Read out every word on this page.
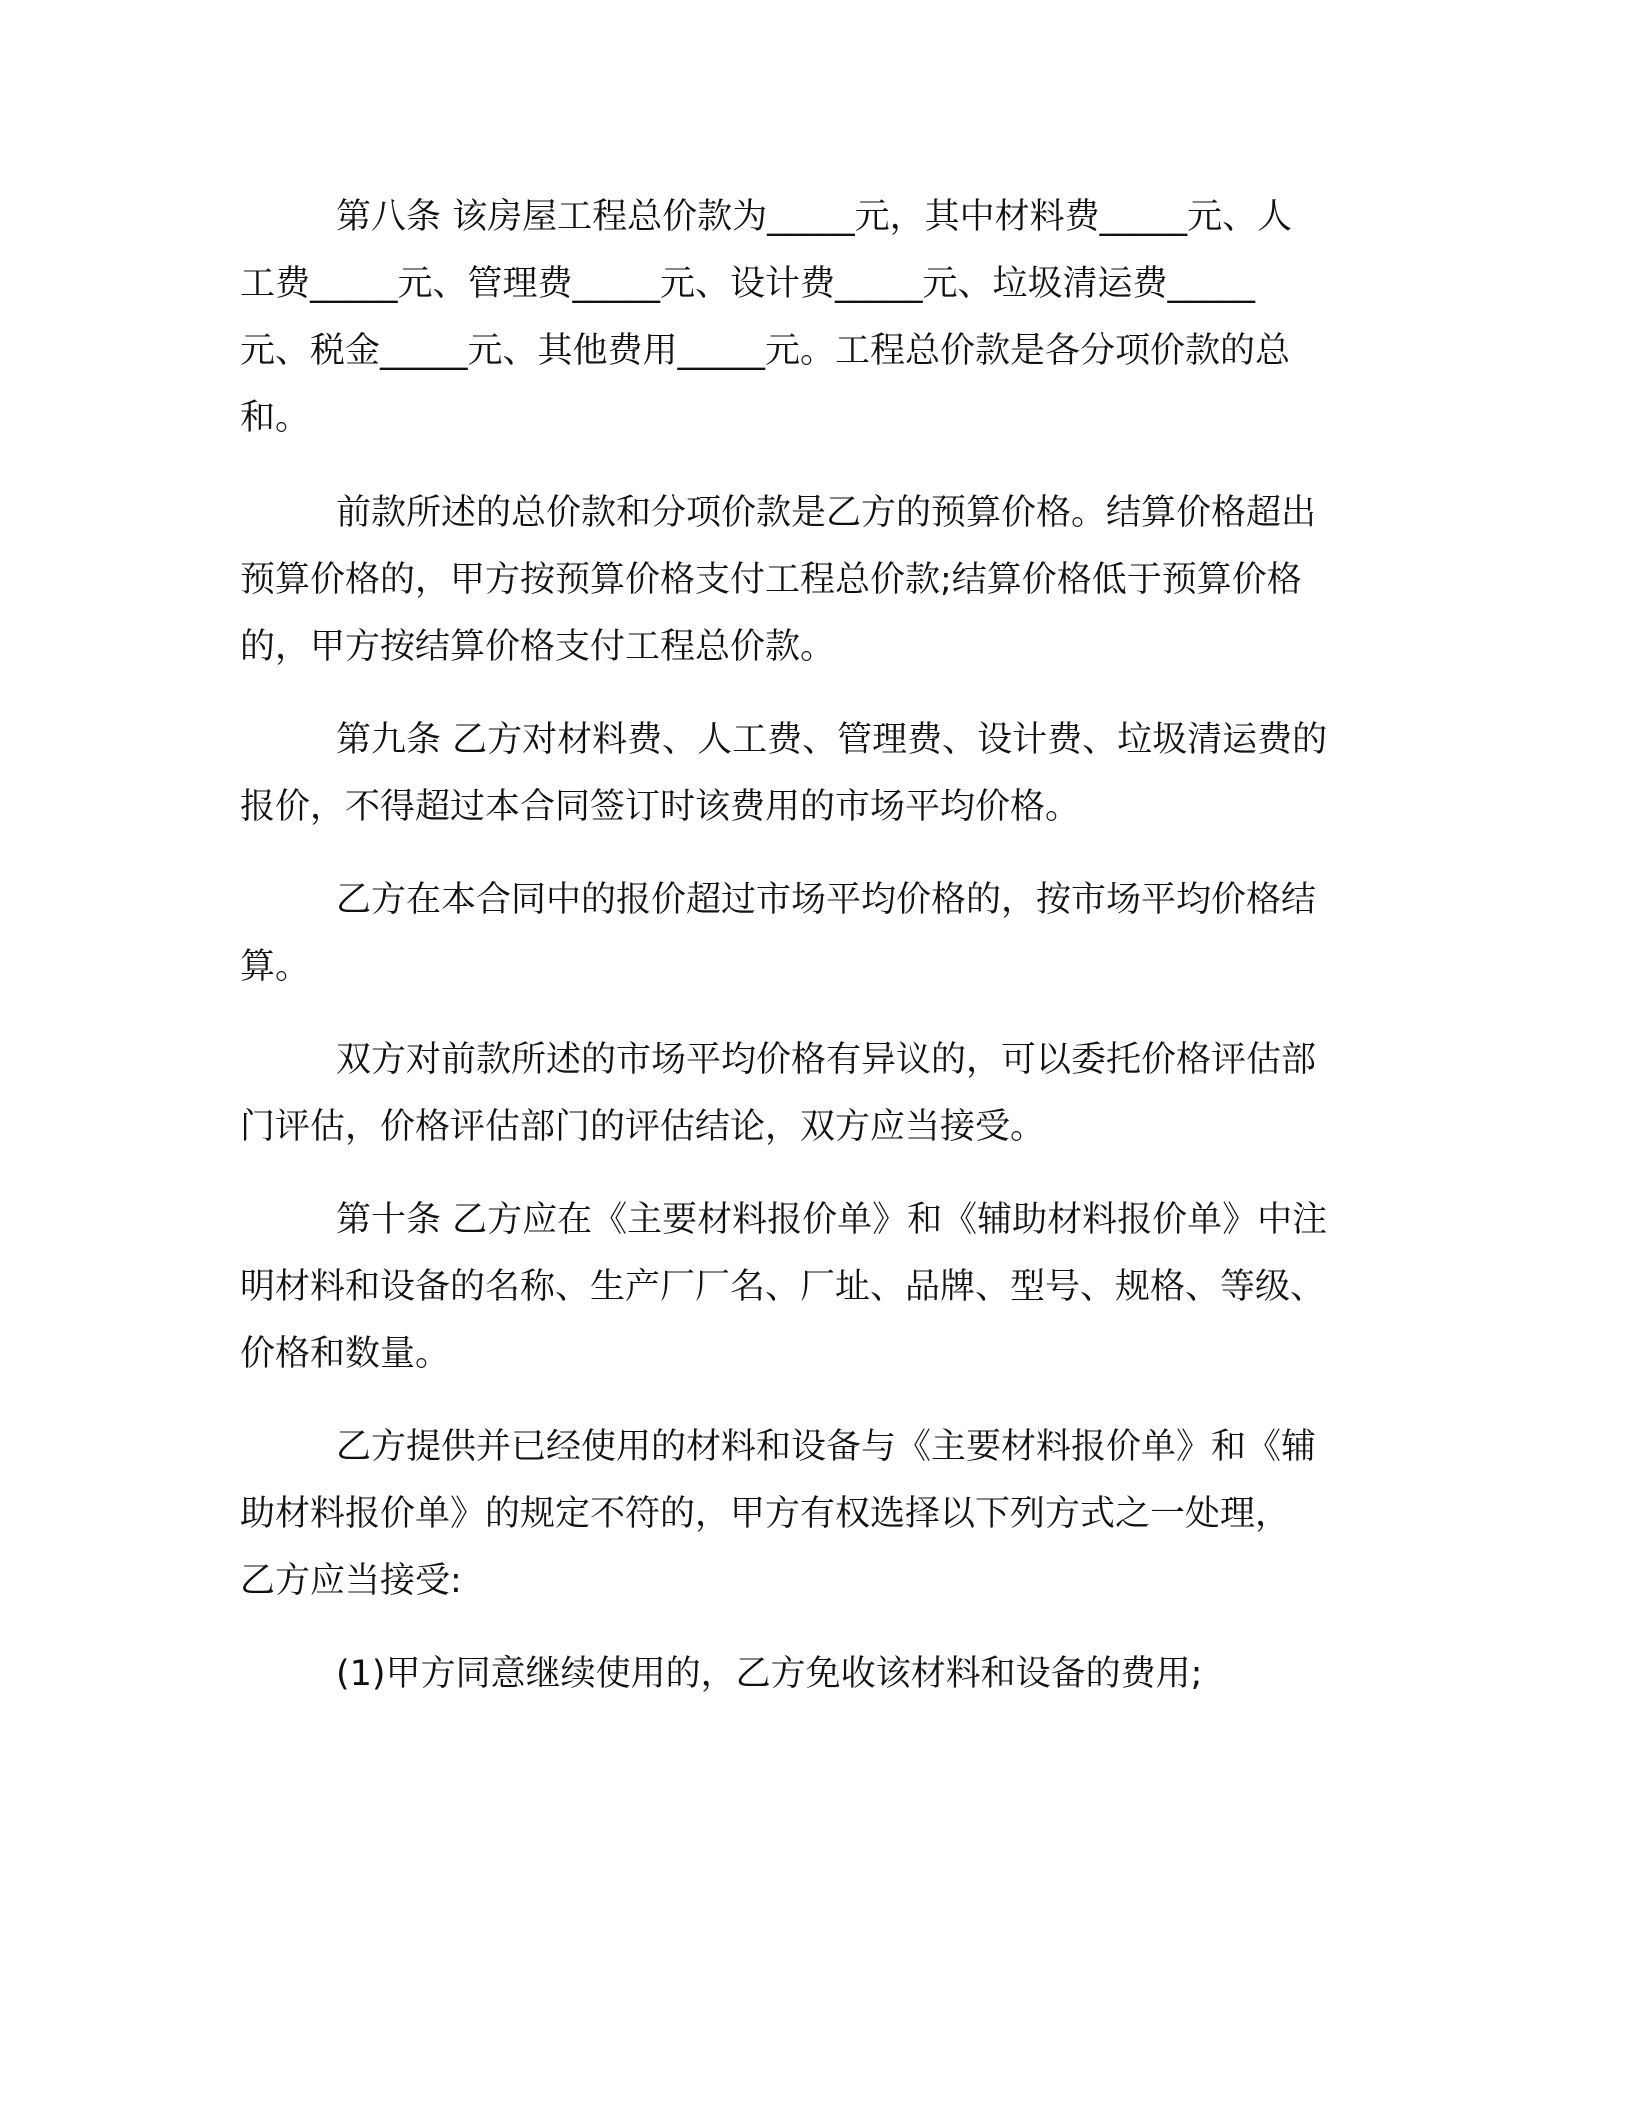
第八条 该房屋工程总价款为_____元，其中材料费_____元、人
工费_____元、管理费_____元、设计费_____元、垃圾清运费_____
元、税金_____元、其他费用_____元。工程总价款是各分项价款的总
和。
前款所述的总价款和分项价款是乙方的预算价格。结算价格超出
预算价格的，甲方按预算价格支付工程总价款;结算价格低于预算价格
的，甲方按结算价格支付工程总价款。
第九条 乙方对材料费、人工费、管理费、设计费、垃圾清运费的
报价，不得超过本合同签订时该费用的市场平均价格。
乙方在本合同中的报价超过市场平均价格的，按市场平均价格结
算。
双方对前款所述的市场平均价格有异议的，可以委托价格评估部
门评估，价格评估部门的评估结论，双方应当接受。
第十条 乙方应在《主要材料报价单》和《辅助材料报价单》中注
明材料和设备的名称、生产厂厂名、厂址、品牌、型号、规格、等级、
价格和数量。
乙方提供并已经使用的材料和设备与《主要材料报价单》和《辅
助材料报价单》的规定不符的，甲方有权选择以下列方式之一处理，
乙方应当接受:
(1)甲方同意继续使用的，乙方免收该材料和设备的费用;
